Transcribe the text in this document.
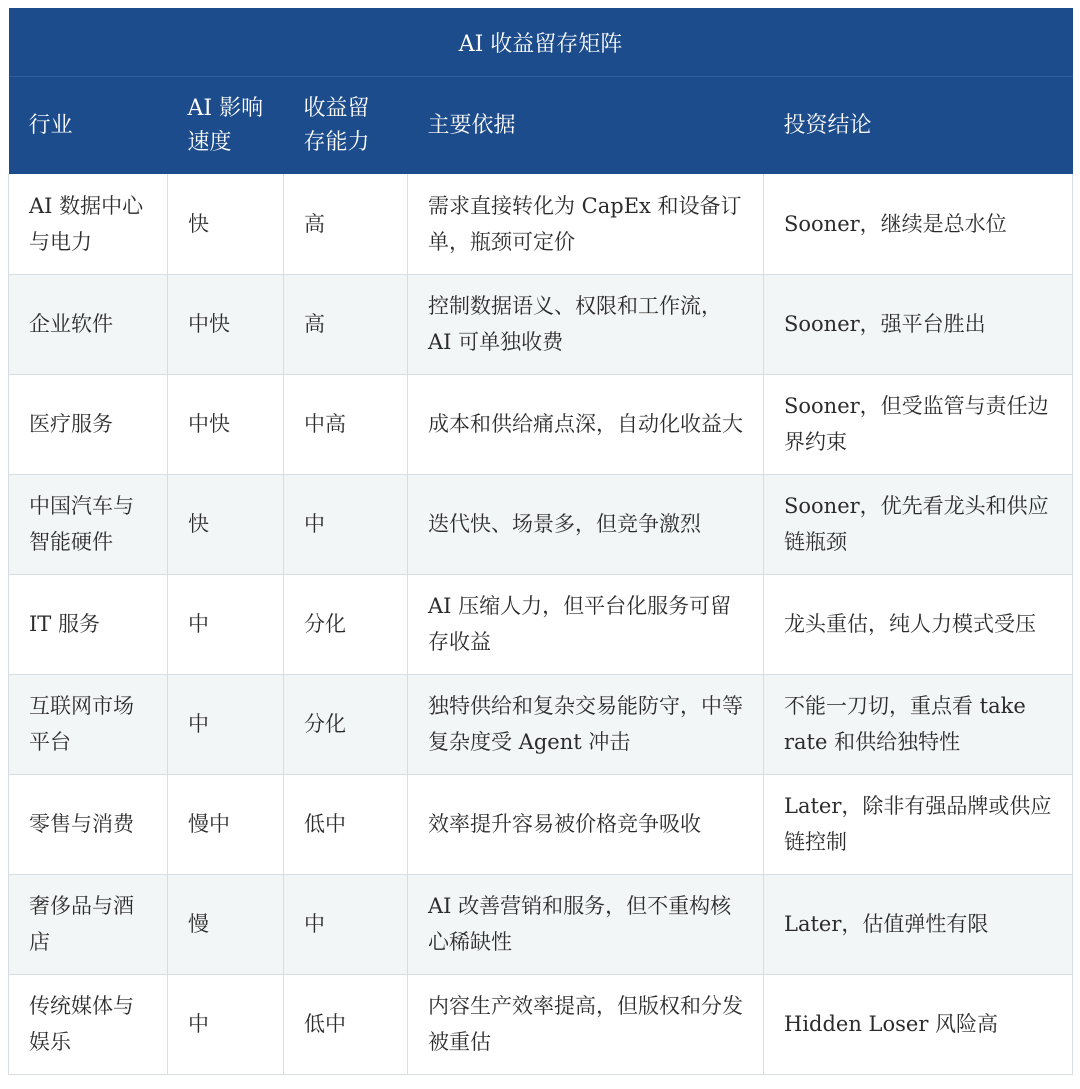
AI 收益留存矩阵				
行业	AI 影响速度	收益留存能力	主要依据	投资结论
AI 数据中心与电力	快	高	需求直接转化为 CapEx 和设备订单，瓶颈可定价	Sooner，继续是总水位
企业软件	中快	高	控制数据语义、权限和工作流，AI 可单独收费	Sooner，强平台胜出
医疗服务	中快	中高	成本和供给痛点深，自动化收益大	Sooner，但受监管与责任边界约束
中国汽车与智能硬件	快	中	迭代快、场景多，但竞争激烈	Sooner，优先看龙头和供应链瓶颈
IT 服务	中	分化	AI 压缩人力，但平台化服务可留存收益	龙头重估，纯人力模式受压
互联网市场平台	中	分化	独特供给和复杂交易能防守，中等复杂度受 Agent 冲击	不能一刀切，重点看 take rate 和供给独特性
零售与消费	慢中	低中	效率提升容易被价格竞争吸收	Later，除非有强品牌或供应链控制
奢侈品与酒店	慢	中	AI 改善营销和服务，但不重构核心稀缺性	Later，估值弹性有限
传统媒体与娱乐	中	低中	内容生产效率提高，但版权和分发被重估	Hidden Loser 风险高
